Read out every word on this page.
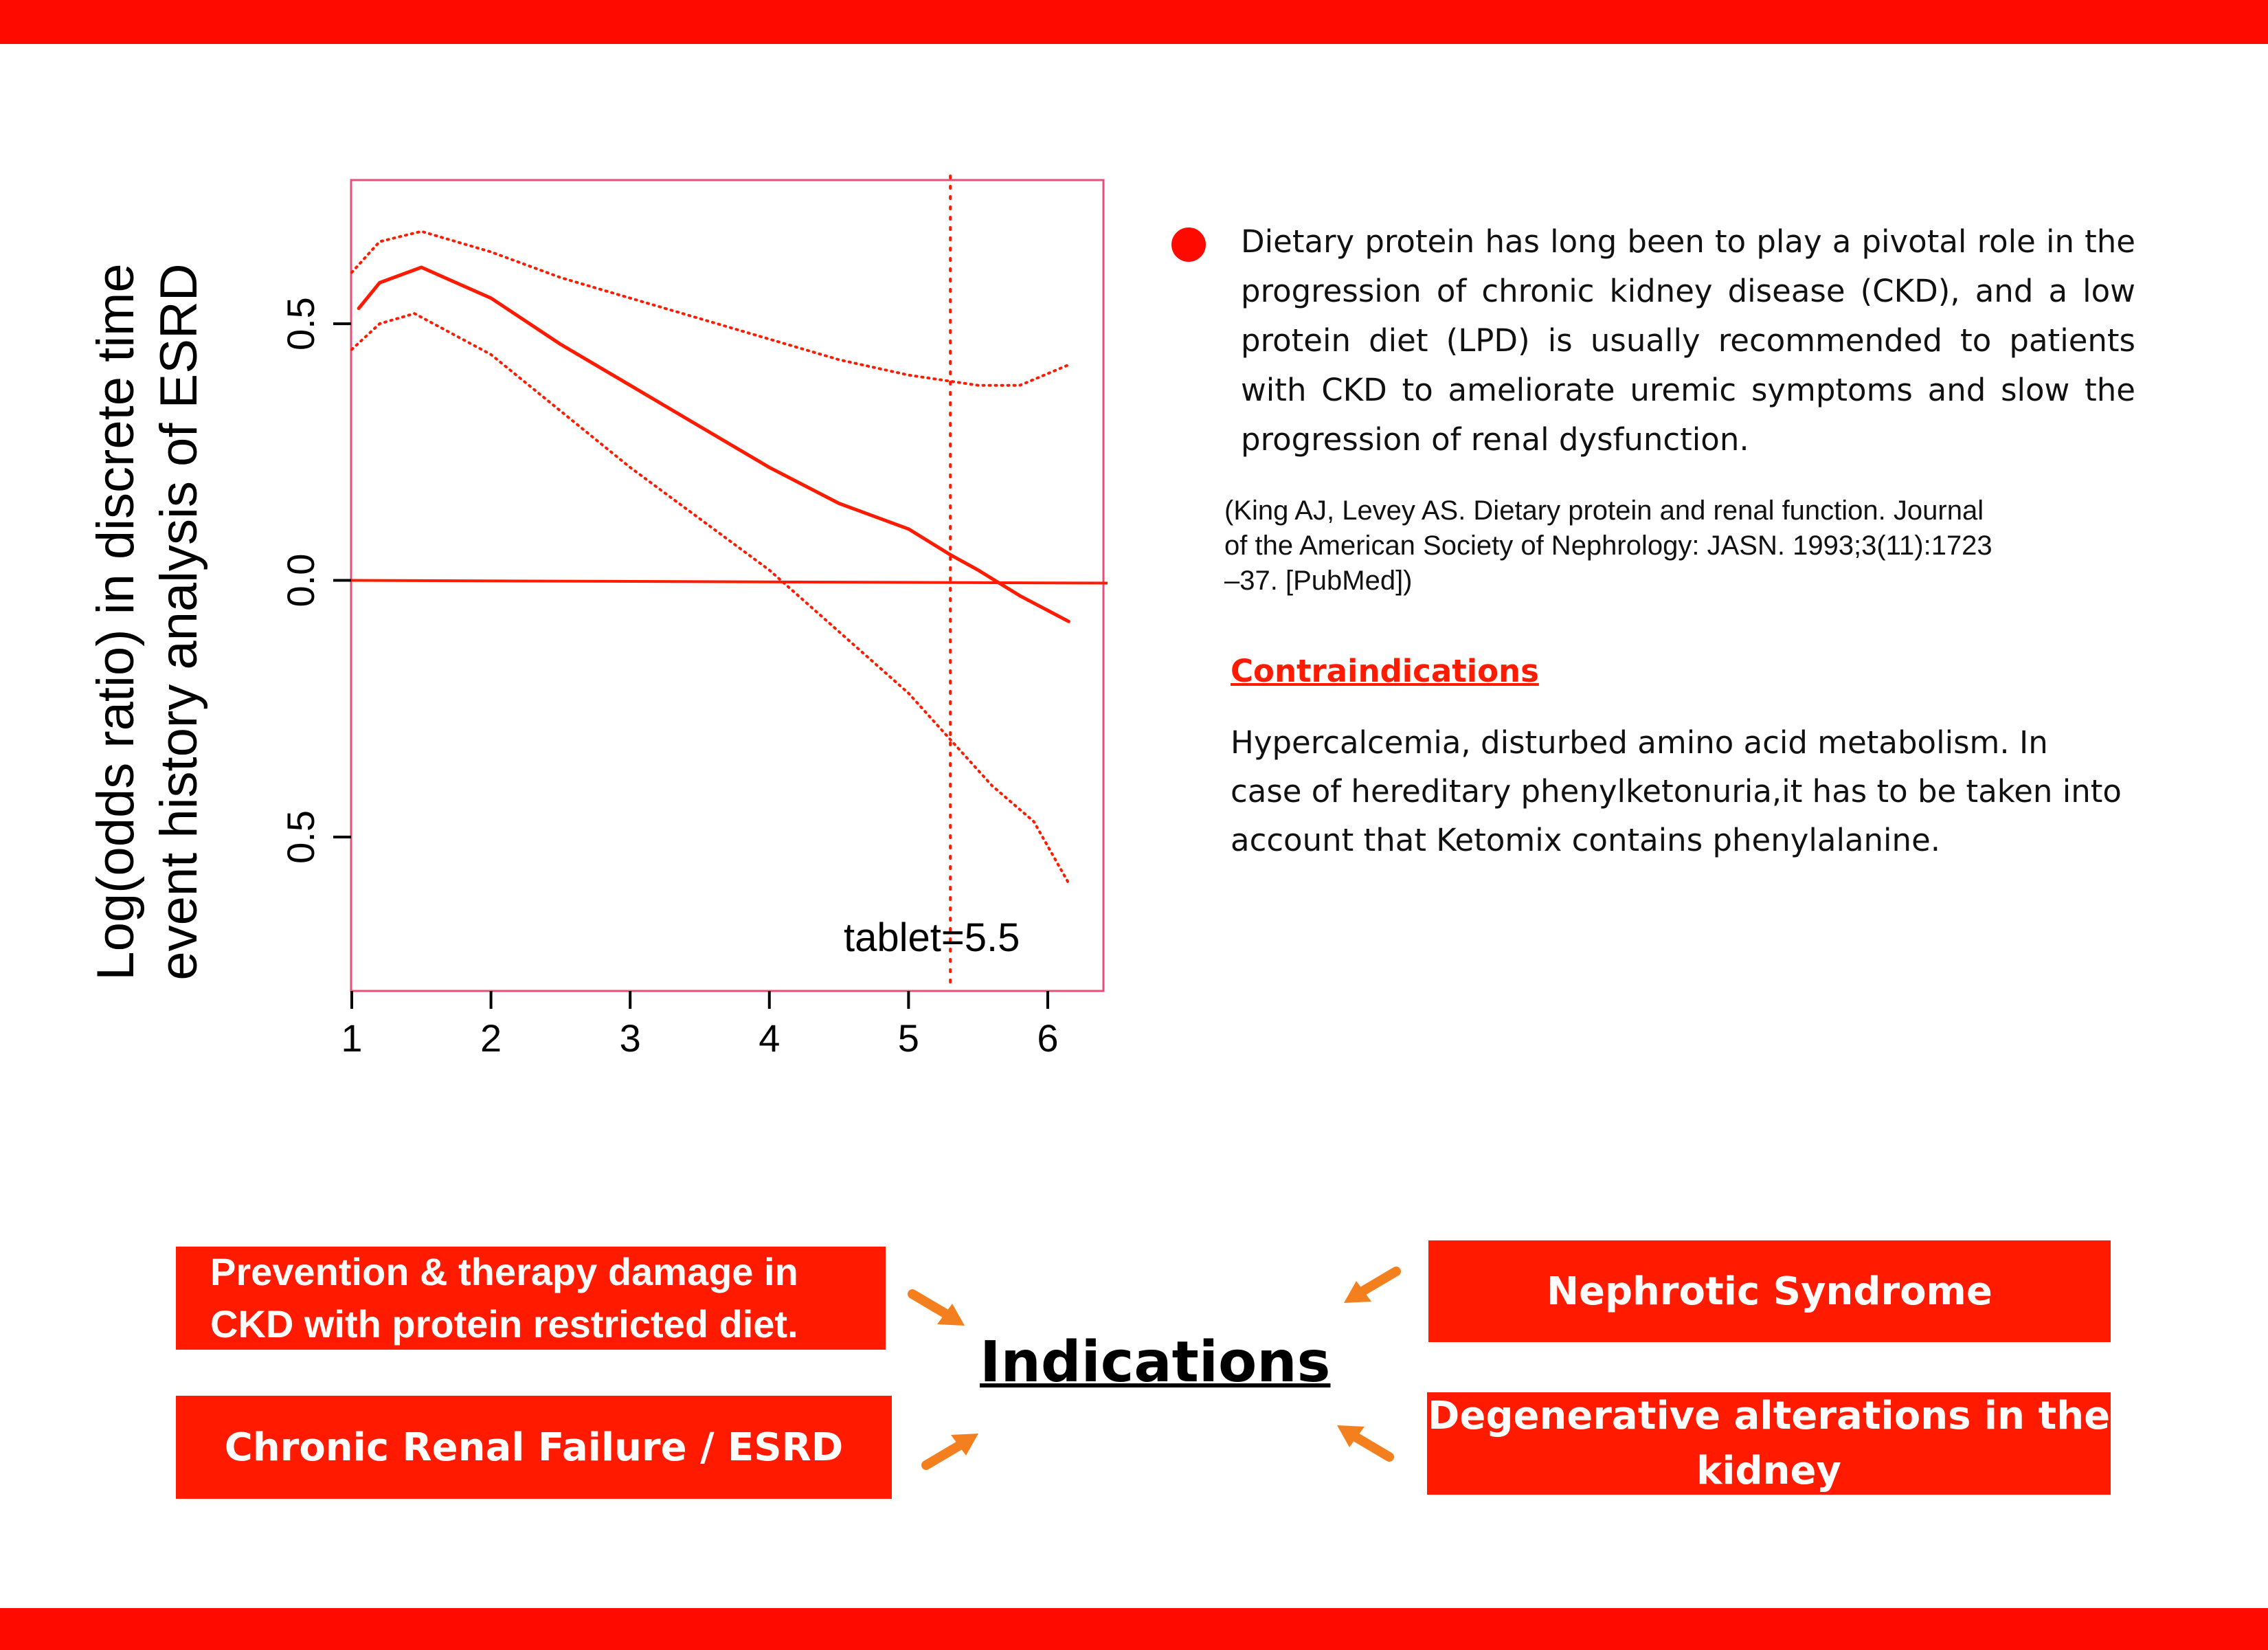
1	2	3	4	5	6
0.5
0.0
0.5
Log(odds ratio) in discrete time event history analysis of ESRD	tablet=5.5
Dietary protein has long been to play a pivotal role in the progression of chronic kidney disease (CKD), and a low protein diet (LPD) is usually recommended to patients with CKD to ameliorate uremic symptoms and slow the progression of renal dysfunction.
(King AJ, Levey AS. Dietary protein and renal function. Journal
of the American Society of Nephrology: JASN. 1993;3(11):1723
–37. [PubMed])
Contraindications
Hypercalcemia, disturbed amino acid metabolism. In case of hereditary phenylketonuria,it has to be taken into account that Ketomix contains phenylalanine.
Prevention & therapy damage in CKD with protein restricted diet.
Chronic Renal Failure / ESRD
Nephrotic Syndrome
Degenerative alterations in the kidney
Indications
